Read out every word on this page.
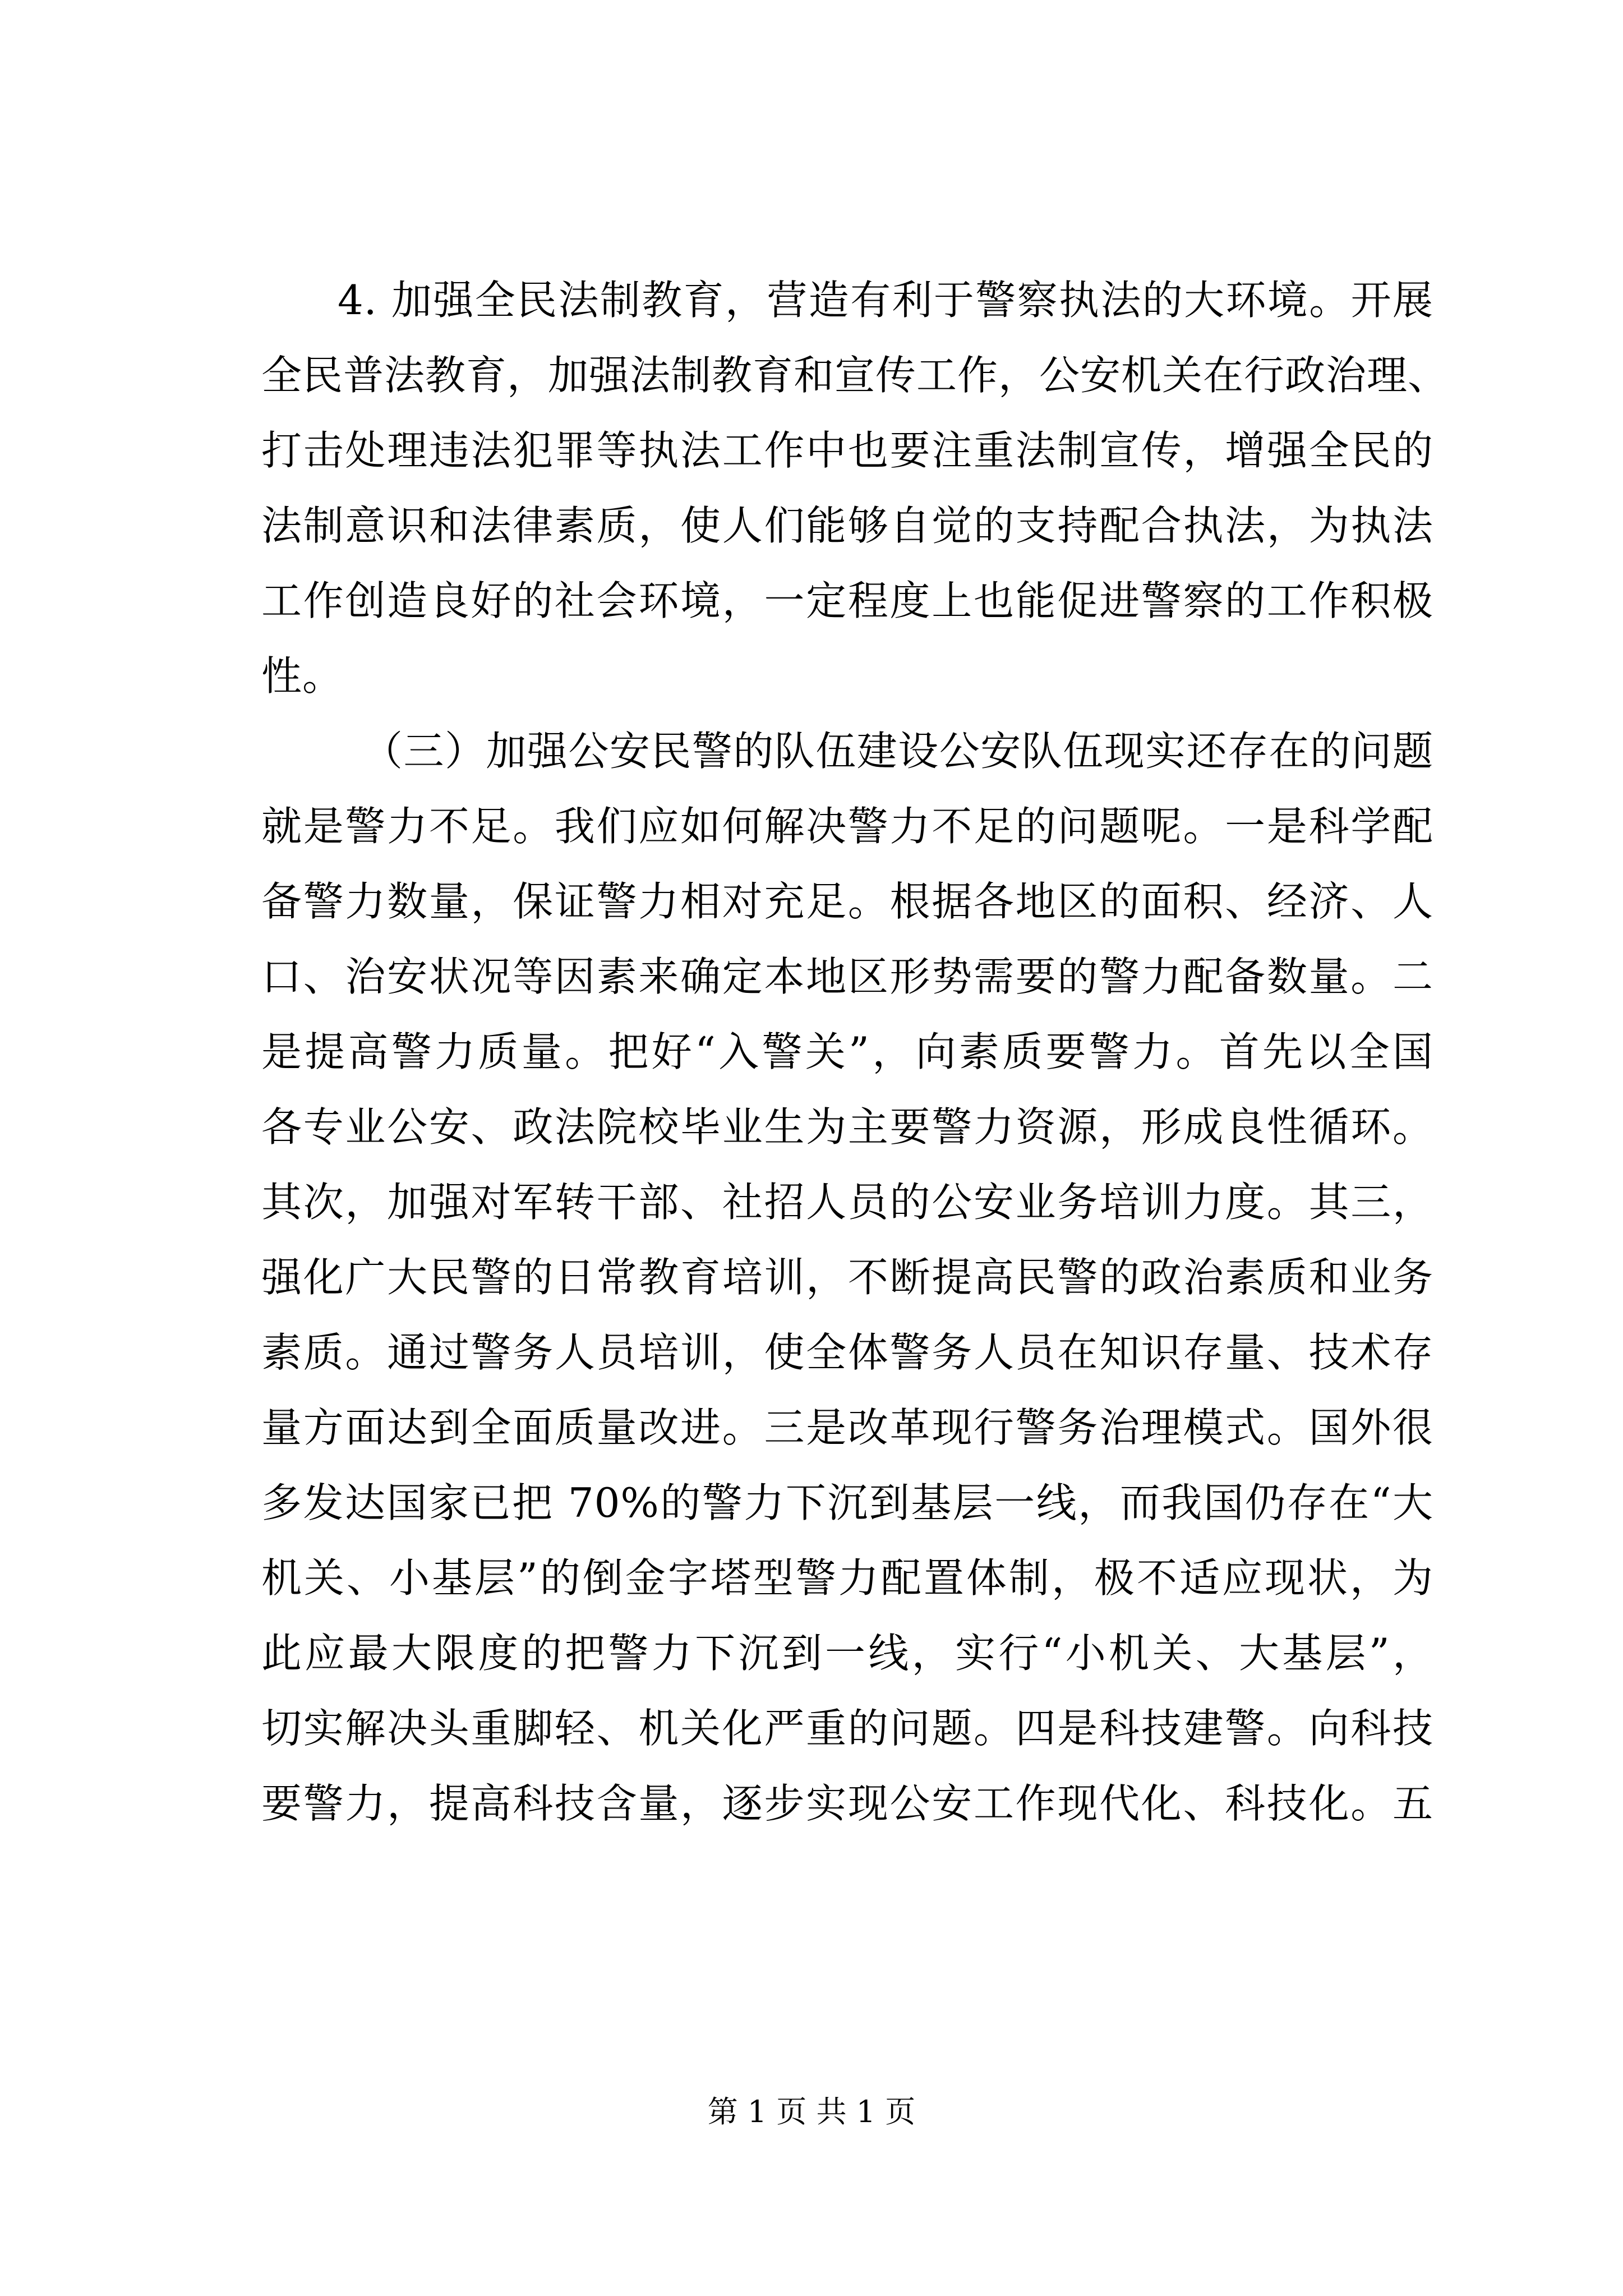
4. 加强全民法制教育，营造有利于警察执法的大环境。开展
全民普法教育，加强法制教育和宣传工作，公安机关在行政治理、
打击处理违法犯罪等执法工作中也要注重法制宣传，增强全民的
法制意识和法律素质，使人们能够自觉的支持配合执法，为执法
工作创造良好的社会环境，一定程度上也能促进警察的工作积极
性。
（三）加强公安民警的队伍建设公安队伍现实还存在的问题
就是警力不足。我们应如何解决警力不足的问题呢。一是科学配
备警力数量，保证警力相对充足。根据各地区的面积、经济、人
口、治安状况等因素来确定本地区形势需要的警力配备数量。二
是提高警力质量。把好“入警关”，向素质要警力。首先以全国
各专业公安、政法院校毕业生为主要警力资源，形成良性循环。
其次，加强对军转干部、社招人员的公安业务培训力度。其三，
强化广大民警的日常教育培训，不断提高民警的政治素质和业务
素质。通过警务人员培训，使全体警务人员在知识存量、技术存
量方面达到全面质量改进。三是改革现行警务治理模式。国外很
多发达国家已把 70%的警力下沉到基层一线，而我国仍存在“大
机关、小基层”的倒金字塔型警力配置体制，极不适应现状，为
此应最大限度的把警力下沉到一线，实行“小机关、大基层”，
切实解决头重脚轻、机关化严重的问题。四是科技建警。向科技
要警力，提高科技含量，逐步实现公安工作现代化、科技化。五
第 1 页 共 1 页
